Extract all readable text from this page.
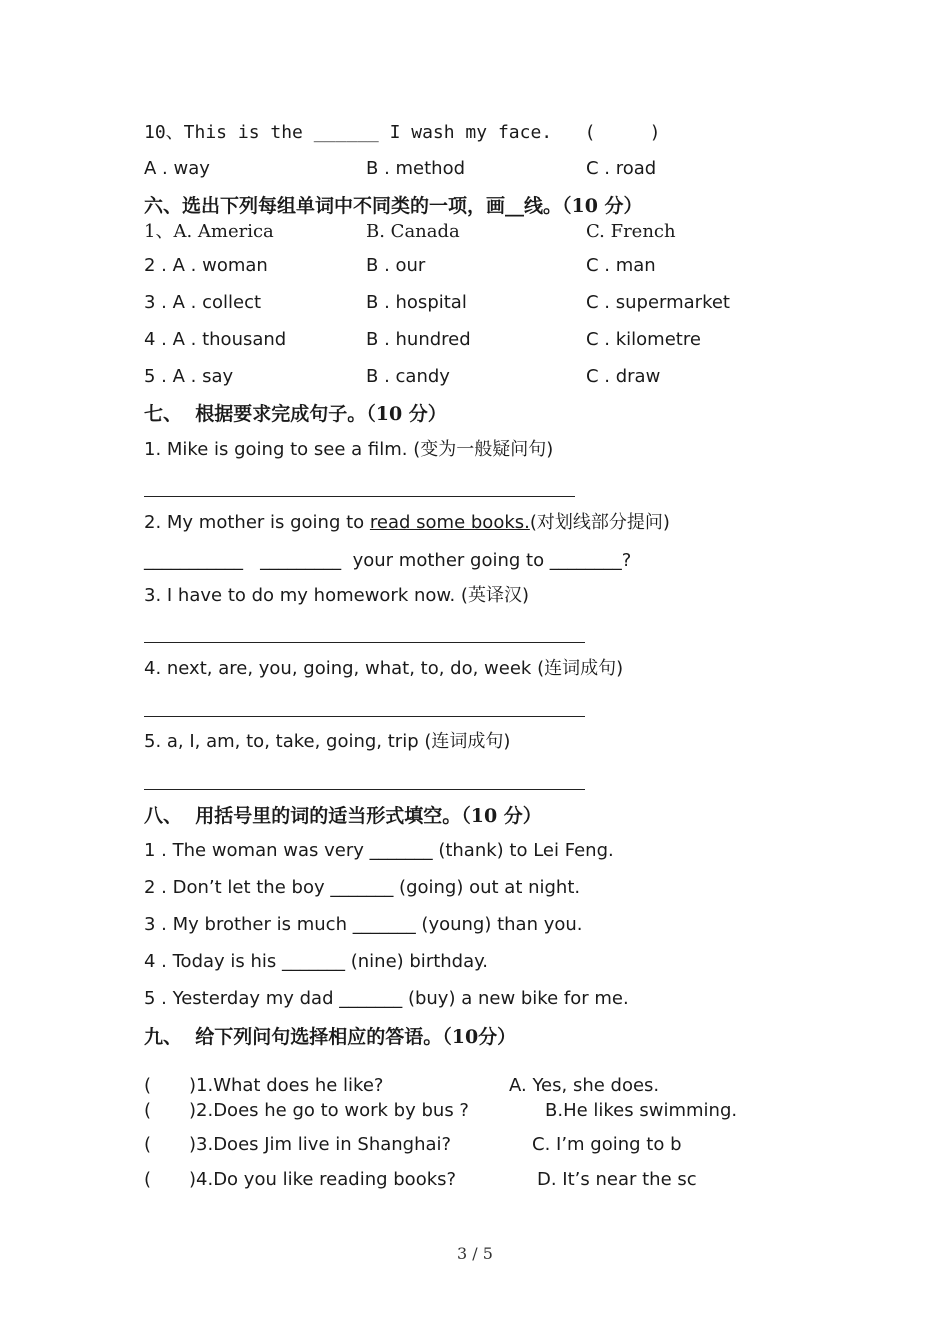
10、This is the ______ I wash my face.   (     )
A . way	B . method	C . road
六、选出下列每组单词中不同类的一项，画__线。（10 分）
1、A. America	B. Canada	C. French
2 . A . woman	B . our	C . man
3 . A . collect	B . hospital	C . supermarket
4 . A . thousand	B . hundred	C . kilometre
5 . A . say	B . candy	C . draw
七、  根据要求完成句子。（10 分）
1. Mike is going to see a film. (变为一般疑问句)
2. My mother is going to read some books.(对划线部分提问)
___________   _________  your mother going to ________?
3. I have to do my homework now. (英译汉)
4. next, are, you, going, what, to, do, week (连词成句)
5. a, I, am, to, take, going, trip (连词成句)
八、  用括号里的词的适当形式填空。（10 分）
1 . The woman was very _______ (thank) to Lei Feng.
2 . Don’t let the boy _______ (going) out at night.
3 . My brother is much _______ (young) than you.
4 . Today is his _______ (nine) birthday.
5 . Yesterday my dad _______ (buy) a new bike for me.
九、  给下列问句选择相应的答语。（10分）
( )1.What does he like?	A. Yes, she does.
( )2.Does he go to work by bus ?	B.He likes swimming.
( )3.Does Jim live in Shanghai?	C. I’m going to b
( )4.Do you like reading books?	D. It’s near the sc
3 / 5
